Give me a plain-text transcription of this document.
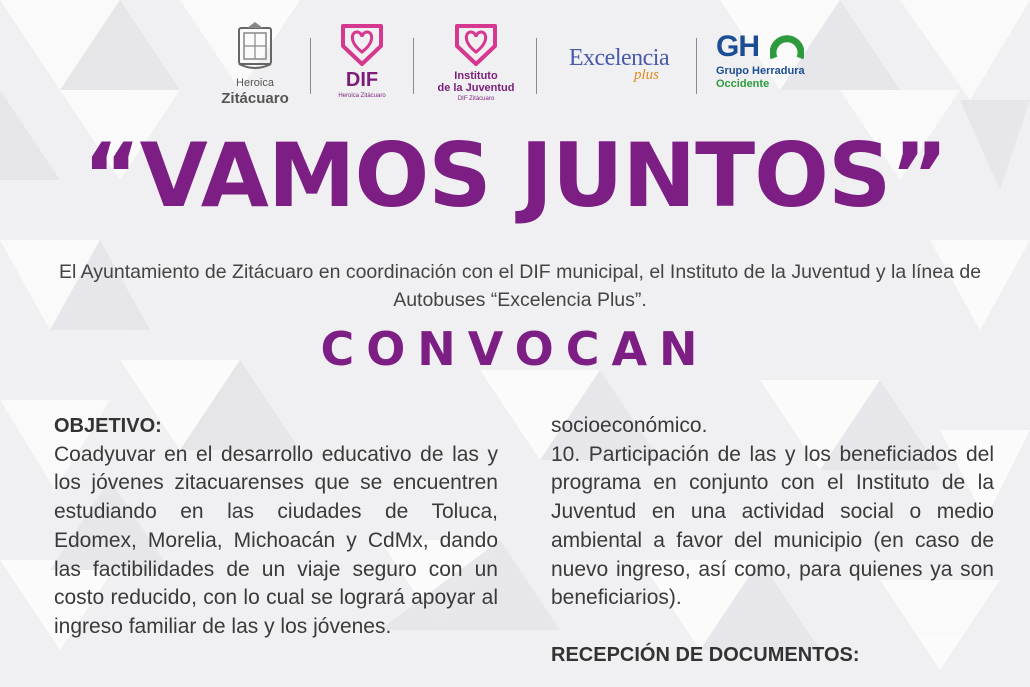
Heroica
Zitácuaro
DIF
Heroica Zitácuaro
Instituto
de la Juventud
DIF Zitácuaro
Excelencia
plus
GH
Grupo Herradura
Occidente
“VAMOS JUNTOS”
El Ayuntamiento de Zitácuaro en coordinación con el DIF municipal, el Instituto de la Juventud y la línea de Autobuses “Excelencia Plus”.
CONVOCAN
OBJETIVO:

Coadyuvar en el desarrollo educativo de las y los jóvenes zitacuarenses que se encuentren estudiando en las ciudades de Toluca, Edomex, Morelia, Michoacán y CdMx, dando las factibilidades de un viaje seguro con un costo reducido, con lo cual se logrará apoyar al ingreso familiar de las y los jóvenes.

socioeconómico.

10. Participación de las y los beneficiados del programa en conjunto con el Instituto de la Juventud en una actividad social o medio ambiental a favor del municipio (en caso de nuevo ingreso, así como, para quienes ya son beneficiarios).

RECEPCIÓN DE DOCUMENTOS:
